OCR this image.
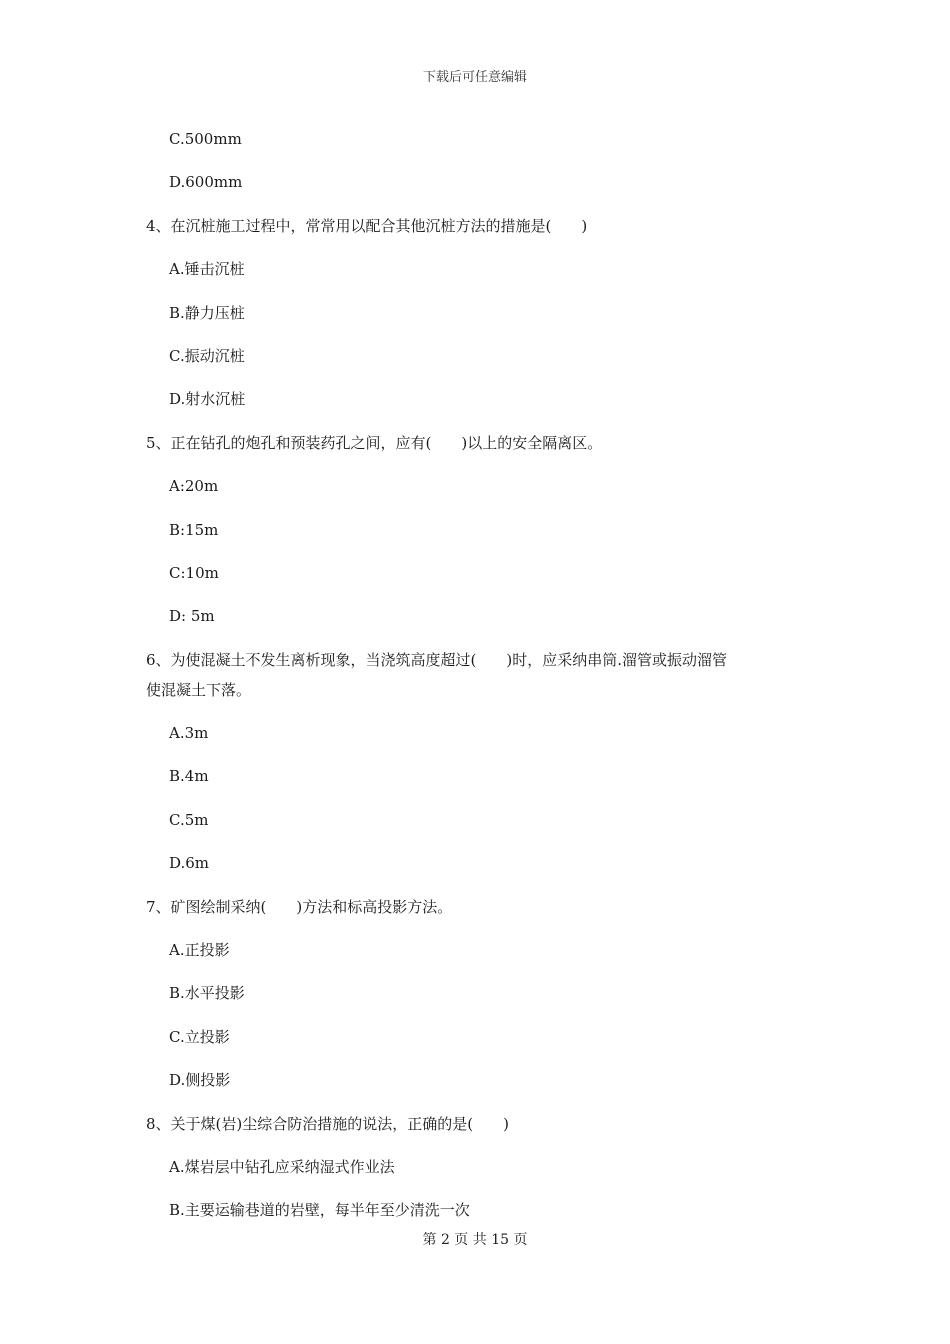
下载后可任意编辑
C.500mm
D.600mm
4、在沉桩施工过程中，常常用以配合其他沉桩方法的措施是(　　)
A.锤击沉桩
B.静力压桩
C.振动沉桩
D.射水沉桩
5、正在钻孔的炮孔和预装药孔之间，应有(　　)以上的安全隔离区。
A:20m
B:15m
C:10m
D: 5m
6、为使混凝土不发生离析现象，当浇筑高度超过(　　)时，应采纳串筒.溜管或振动溜管
使混凝土下落。
A.3m
B.4m
C.5m
D.6m
7、矿图绘制采纳(　　)方法和标高投影方法。
A.正投影
B.水平投影
C.立投影
D.侧投影
8、关于煤(岩)尘综合防治措施的说法，正确的是(　　)
A.煤岩层中钻孔应采纳湿式作业法
B.主要运输巷道的岩壁，每半年至少清洗一次
第 2 页 共 15 页
